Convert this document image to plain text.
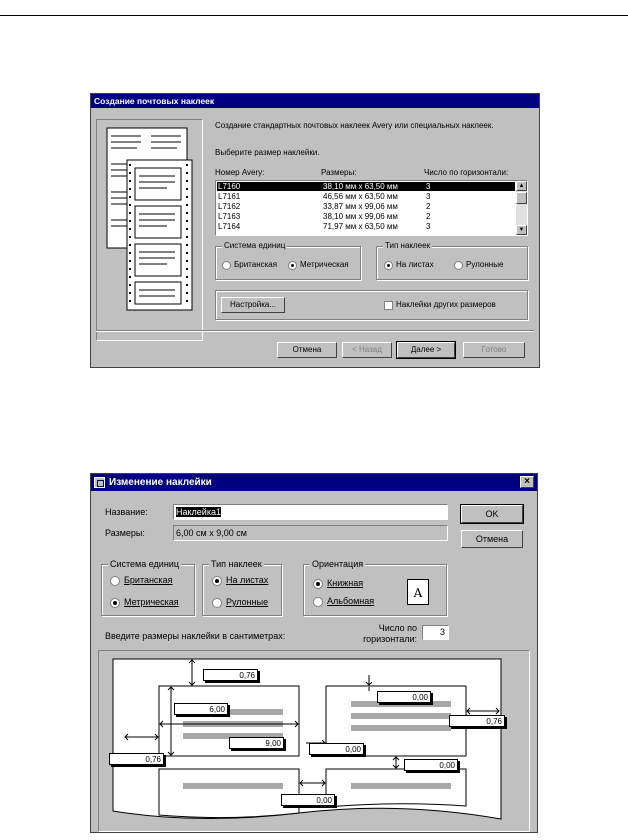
Создание почтовых наклеек
Создание стандартных почтовых наклеек Avery или специальных наклеек.
Выберите размер наклейки.
Номер Avery:	Размеры:	Число по горизонтали:
L7160	38,10 мм x 63,50 мм	3
L7161	46,56 мм x 63,50 мм	3
L7162	33,87 мм x 99,06 мм	2
L7163	38,10 мм x 99,06 мм	2
L7164	71,97 мм x 63,50 мм	3
▲
▼
Система единиц
Британская	Метрическая
Тип наклеек
На листах	Рулонные
Настройка...	Наклейки других размеров
Отмена	< Назад	Далее >	Готово
Изменение наклейки	×
Название:	Наклейка1
Размеры:	6,00 см x 9,00 см
OK
Отмена
Система единиц
Британская
Метрическая
Тип наклеек
На листах
Рулонные
Ориентация
Книжная
Альбомная
A
Введите размеры наклейки в сантиметрах:
Число по
горизонтали:
3
0,76
6,00
9,00
0,76
0,00
0,00
0,76
0,00
0,00
